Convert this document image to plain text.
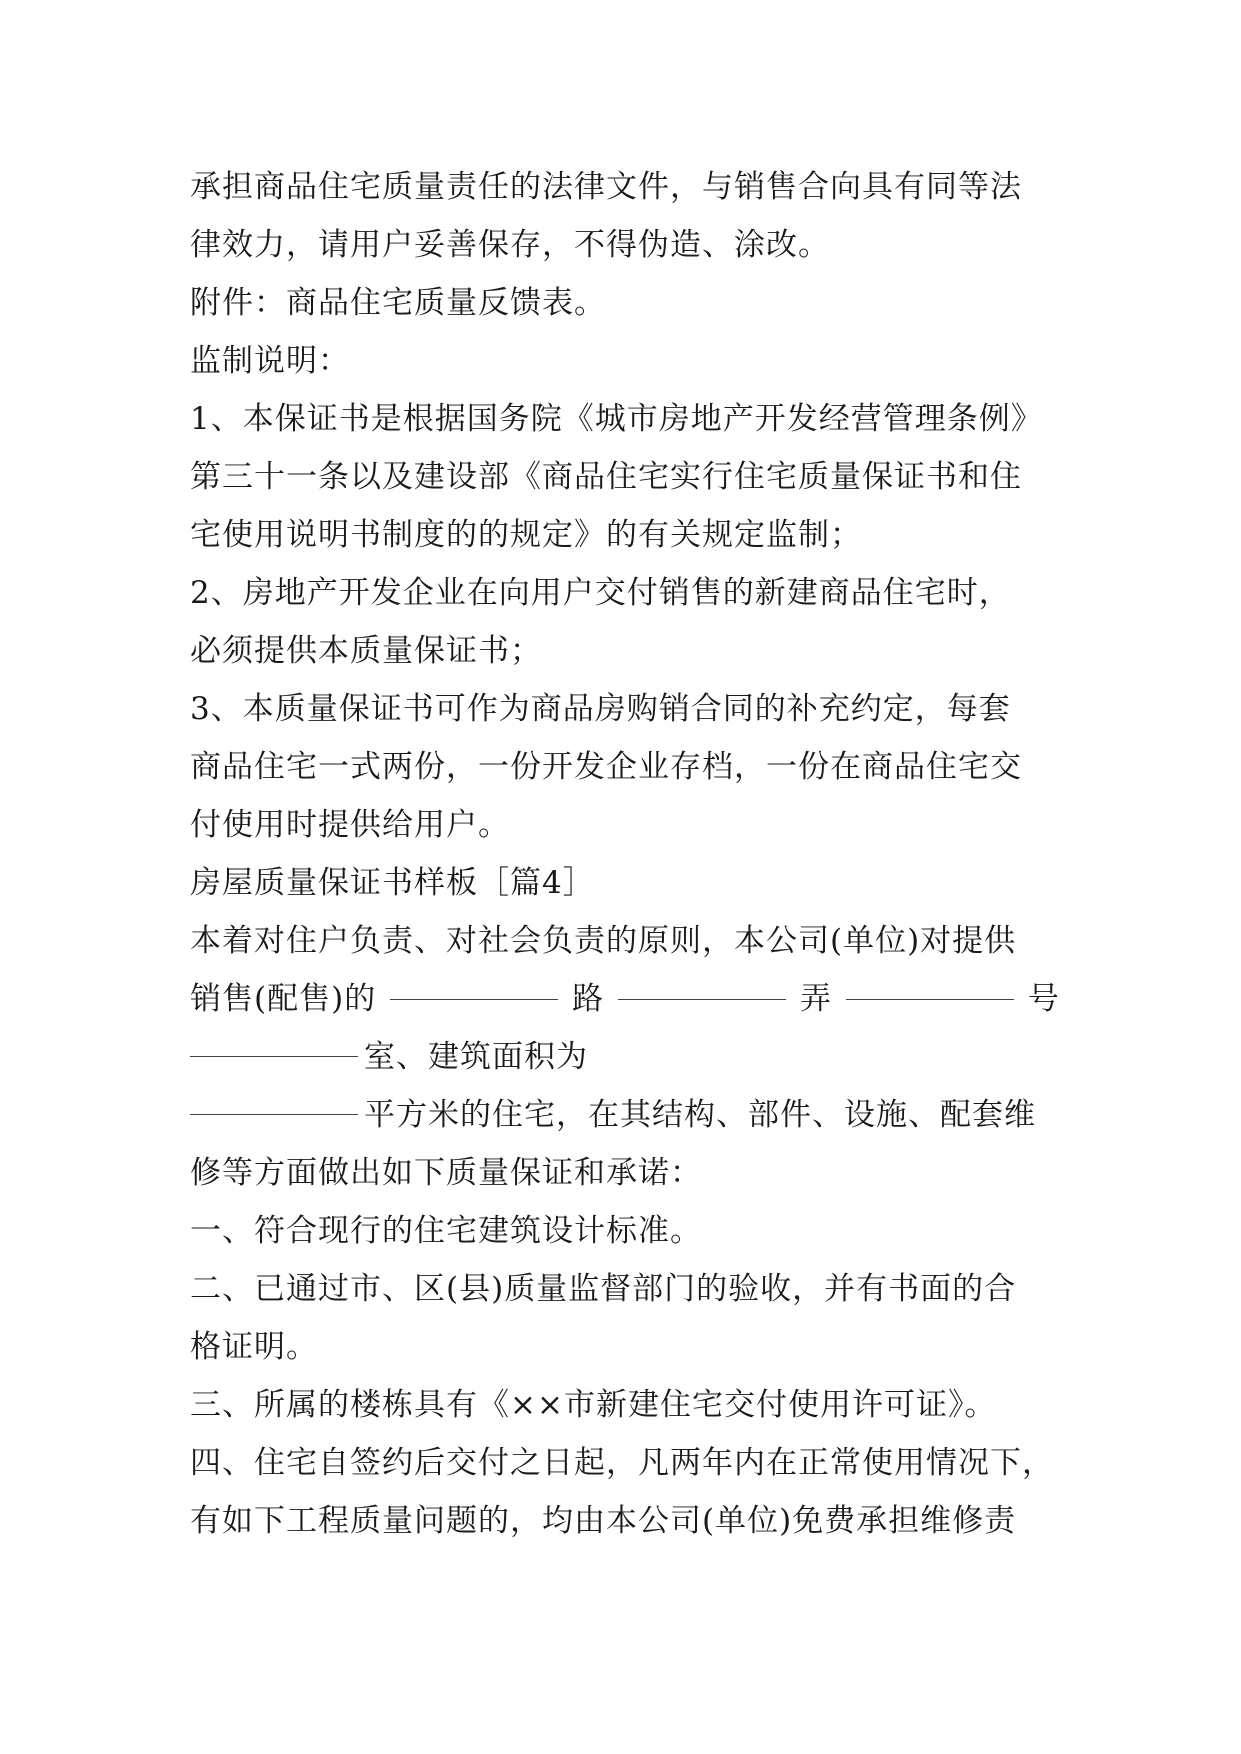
承担商品住宅质量责任的法律文件，与销售合向具有同等法
律效力，请用户妥善保存，不得伪造、涂改。
附件：商品住宅质量反馈表。
监制说明：
1、本保证书是根据国务院《城市房地产开发经营管理条例》
第三十一条以及建设部《商品住宅实行住宅质量保证书和住
宅使用说明书制度的的规定》的有关规定监制；
2、房地产开发企业在向用户交付销售的新建商品住宅时，
必须提供本质量保证书；
3、本质量保证书可作为商品房购销合同的补充约定，每套
商品住宅一式两份，一份开发企业存档，一份在商品住宅交
付使用时提供给用户。
房屋质量保证书样板［篇4］
本着对住户负责、对社会负责的原则，本公司(单位)对提供
销售(配售)的	路	弄	号
室、建筑面积为
平方米的住宅，在其结构、部件、设施、配套维
修等方面做出如下质量保证和承诺：
一、符合现行的住宅建筑设计标准。
二、已通过市、区(县)质量监督部门的验收，并有书面的合
格证明。
三、所属的楼栋具有《××市新建住宅交付使用许可证》。
四、住宅自签约后交付之日起，凡两年内在正常使用情况下，
有如下工程质量问题的，均由本公司(单位)免费承担维修责
